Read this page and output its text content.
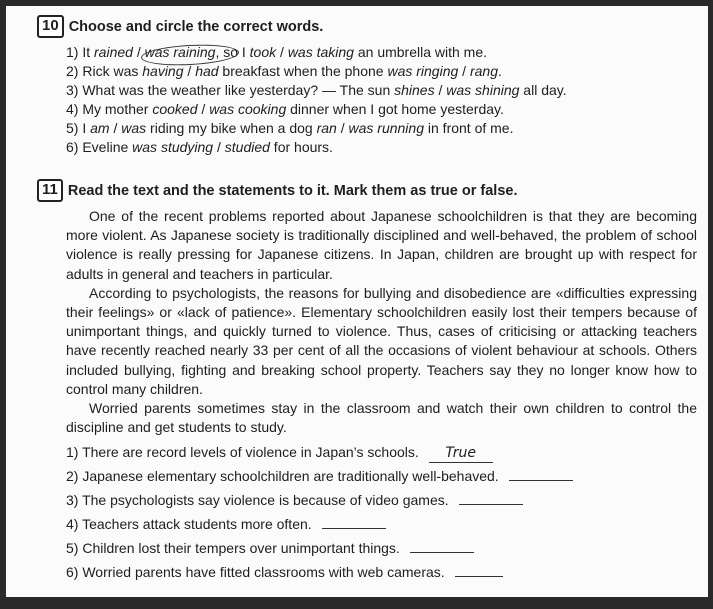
10 Choose and circle the correct words.
1) It rained /
was raining, so I took / was taking an umbrella with me.
2) Rick was having / had breakfast when the phone was ringing / rang.
3) What was the weather like yesterday? — The sun shines / was shining all day.
4) My mother cooked / was cooking dinner when I got home yesterday.
5) I am / was riding my bike when a dog ran / was running in front of me.
6) Eveline was studying / studied for hours.
11 Read the text and the statements to it. Mark them as true or false.

One of the recent problems reported about Japanese schoolchildren is that they are becoming more violent. As Japanese society is traditionally disciplined and well-behaved, the problem of school violence is really pressing for Japanese citizens. In Japan, children are brought up with respect for adults in general and teachers in particular.

According to psychologists, the reasons for bullying and disobedience are «difficulties expressing their feelings» or «lack of patience». Elementary schoolchildren easily lost their tempers because of unimportant things, and quickly turned to violence. Thus, cases of criticising or attacking teachers have recently reached nearly 33 per cent of all the occasions of violent behaviour at schools. Others included bullying, fighting and breaking school property. Teachers say they no longer know how to control many children.

Worried parents sometimes stay in the classroom and watch their own children to control the discipline and get students to study.

1) There are record levels of violence in Japan’s schools. True
2) Japanese elementary schoolchildren are traditionally well-behaved.
3) The psychologists say violence is because of video games.
4) Teachers attack students more often.
5) Children lost their tempers over unimportant things.
6) Worried parents have fitted classrooms with web cameras.
